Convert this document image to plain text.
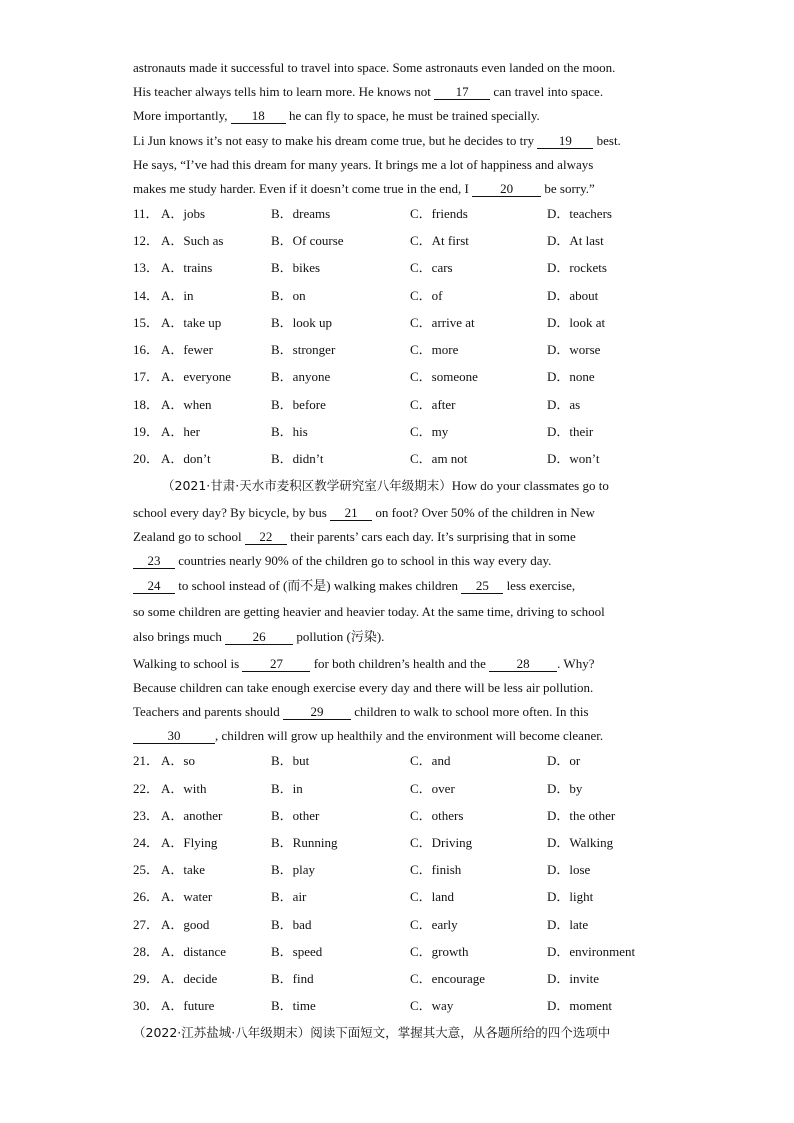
astronauts made it successful to travel into space. Some astronauts even landed on the moon.
His teacher always tells him to learn more. He knows not 17 can travel into space.
More importantly, 18 he can fly to space, he must be trained specially.
Li Jun knows it’s not easy to make his dream come true, but he decides to try 19 best.
He says, “I’ve had this dream for many years. It brings me a lot of happiness and always
makes me study harder. Even if it doesn’t come true in the end, I 20 be sorry.”
11． A．jobs	B．dreams	C．friends	D．teachers
12． A．Such as	B．Of course	C．At first	D．At last
13． A．trains	B．bikes	C．cars	D．rockets
14． A．in	B．on	C．of	D．about
15． A．take up	B．look up	C．arrive at	D．look at
16． A．fewer	B．stronger	C．more	D．worse
17． A．everyone	B．anyone	C．someone	D．none
18． A．when	B．before	C．after	D．as
19． A．her	B．his	C．my	D．their
20． A．don’t	B．didn’t	C．am not	D．won’t
（2021·甘肃·天水市麦积区教学研究室八年级期末）How do your classmates go to
school every day? By bicycle, by bus 21 on foot? Over 50% of the children in New
Zealand go to school 22 their parents’ cars each day. It’s surprising that in some
23 countries nearly 90% of the children go to school in this way every day.
24 to school instead of (而不是) walking makes children 25 less exercise,
so some children are getting heavier and heavier today. At the same time, driving to school
also brings much 26 pollution (污染).
Walking to school is 27 for both children’s health and the 28 . Why?
Because children can take enough exercise every day and there will be less air pollution.
Teachers and parents should 29 children to walk to school more often. In this
30	, children will grow up healthily and the environment will become cleaner.
21． A．so	B．but	C．and	D．or
22． A．with	B．in	C．over	D．by
23． A．another	B．other	C．others	D．the other
24． A．Flying	B．Running	C．Driving	D．Walking
25． A．take	B．play	C．finish	D．lose
26． A．water	B．air	C．land	D．light
27． A．good	B．bad	C．early	D．late
28． A．distance	B．speed	C．growth	D．environment
29． A．decide	B．find	C．encourage	D．invite
30． A．future	B．time	C．way	D．moment
（2022·江苏盐城·八年级期末）阅读下面短文，掌握其大意，从各题所给的四个选项中
